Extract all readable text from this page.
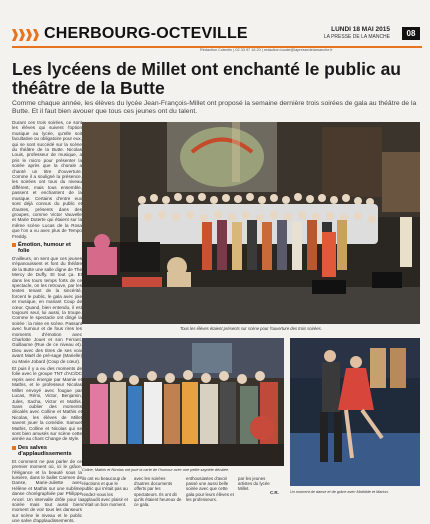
CHERBOURG-OCTEVILLE	LUNDI 18 MAI 2015
LA PRESSE DE LA MANCHE	08
Rédaction Cotentin | 02 33 97 16 20 | redaction.locale@lapressedelamanche.fr
Les lycéens de Millet ont enchanté le public au théâtre de la Butte

Comme chaque année, les élèves du lycée Jean-François-Millet ont proposé la semaine dernière trois soirées de gala au théâtre de la Butte. Et il faut bien avouer que tous ces jeunes ont du talent.

Durant ces trois soirées, ce sont les élèves qui suivent l'option musique au lycée, qu'elle soit facultative ou obligatoire pour eux, qui se sont succédé sur la scène du théâtre de la Butte. Nicolas Louis, professeur de musique, a pris le micro pour présenter la soirée après que la chorale a chanté un titre d'ouverture. Comme il a souligné la présence, les soirées ont tous du niveau différent, mais tous ensemble, passent et enchantent de la musique. Certains d'entre eux sont déjà connus du public et d'autres, présents dans des groupes, comme Victor Vauvelle et Marie Duterte qui étaient sur la même scène Lucas de la Rosa que l'on a vu avec plus de Tempo Freddy.

Émotion, humour et folie

D'ailleurs, on sent que ces jeunes s'épanouissent et font du théâtre de la Butte une salle digne de The Mercy de Duffy. Et tout ça. Et dans les tours temps forts de ce spectacle, on les retrouve, par les textes tenant de la sincérité, forcent le public, le gala avec joie et musique, en mariant Coup de cœur. Quand, bien entendu, il est toujours seul, lui aussi, la troupe. Comme le spectacle ont dirigé la soirée : la mise en scène. Passant avec humour et de fous rires les moments d'émotion avec Charlotte Jouet et son Ferrant, Guillaume (Rue de ce niveau et). Dieu avec des titres de ses voix avant Maël de pré-sage (Marielle) ou Marie Jobard (Coup de cœur).

Et puis il y a eu des moments de folie avec le groupe TNT d'AC/DC repris avec énergie par Mamie et Mathis, et le professeur Nicolas Millet envoyé avec fougue par Lucas, Rémi, Victor, Benjamin, Jules, Sacha, Victor et Mathis. Sans oublier des moments décalés avec Colline et Mathis et Nicolas, les élèves de Millet savent jouer la comédie. Samuel Mathis, Colline et Nicolas qui se sont bien amusés sur scène cette année au chant Change de style.

Des salves d'applaudissements

Et comment ne pas parler de ce premier moment où, ici le grâce, l'élégance et la beauté sous la lumière, dans le ballet Carmen de Danse, Marie-Juliette avec Hélène et Mathis sur une sublime danse chorégraphiée par Philippe Ancel. Un intervalle drôle pour la soirée mais tout aussi bien moment de voir tous les danseurs sur scène le niveau et le public une salve d'applaudissements.

Tous les élèves étaient présents sur scène pour l'ouverture des trois soirées.
Coline, Mathis et Nicolas ont joué la carte de l'humour avec une petite saynète décalée.
Un moment de danse et de grâce avec Mathilde et Marion.
ils ont eu beaucoup de réactions et que le public qui n'était pas au rendez-vous les applaudit avec plaisir et c'était un bon moment.
avec les soirées d'autres documents offerts par les spectateurs. Ils ont dit qu'ils étaient heureux de ce gala.
enthousiastes d'avoir passé une aussi belle soirée avec que cette gala pour leurs élèves et les professeurs.
par les jeunes artistes du lycée Millet.
C.R.
